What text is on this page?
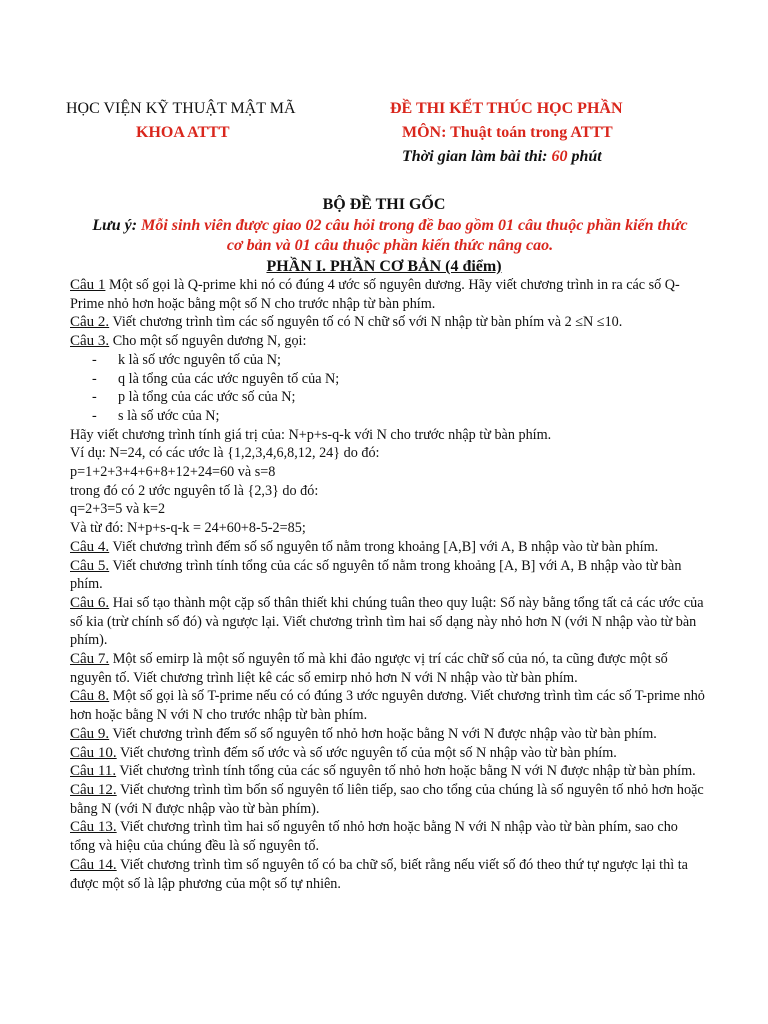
HỌC VIỆN KỸ THUẬT MẬT MÃ
KHOA ATTT
ĐỀ THI KẾT THÚC HỌC PHẦN
MÔN: Thuật toán trong ATTT
Thời gian làm bài thi: 60 phút
BỘ ĐỀ THI GỐC
Lưu ý: Mỗi sinh viên được giao 02 câu hỏi trong đề bao gồm 01 câu thuộc phần kiến thức cơ bản và 01 câu thuộc phần kiến thức nâng cao.
PHẦN I. PHẦN CƠ BẢN (4 điểm)

Câu 1 Một số gọi là Q-prime khi nó có đúng 4 ước số nguyên dương. Hãy viết chương trình in ra các số Q-Prime nhỏ hơn hoặc bằng một số N cho trước nhập từ bàn phím.

Câu 2. Viết chương trình tìm các số nguyên tố có N chữ số với N nhập từ bàn phím và 2 ≤N ≤10.

Câu 3. Cho một số nguyên dương N, gọi:

- k là số ước nguyên tố của N;
- q là tổng của các ước nguyên tố của N;
- p là tổng của các ước số của N;
- s là số ước của N;

Hãy viết chương trình tính giá trị của: N+p+s-q-k với N cho trước nhập từ bàn phím.

Ví dụ: N=24, có các ước là {1,2,3,4,6,8,12, 24} do đó:

p=1+2+3+4+6+8+12+24=60 và s=8

trong đó có 2 ước nguyên tố là {2,3} do đó:

q=2+3=5 và k=2

Và từ đó: N+p+s-q-k = 24+60+8-5-2=85;

Câu 4. Viết chương trình đếm số số nguyên tố nằm trong khoảng [A,B] với A, B nhập vào từ bàn phím.

Câu 5. Viết chương trình tính tổng của các số nguyên tố nằm trong khoảng [A, B] với A, B nhập vào từ bàn phím.

Câu 6. Hai số tạo thành một cặp số thân thiết khi chúng tuân theo quy luật: Số này bằng tổng tất cả các ước của số kia (trừ chính số đó) và ngược lại. Viết chương trình tìm hai số dạng này nhỏ hơn N (với N nhập vào từ bàn phím).

Câu 7. Một số emirp là một số nguyên tố mà khi đảo ngược vị trí các chữ số của nó, ta cũng được một số nguyên tố. Viết chương trình liệt kê các số emirp nhỏ hơn N với N nhập vào từ bàn phím.

Câu 8. Một số gọi là số T-prime nếu có có đúng 3 ước nguyên dương. Viết chương trình tìm các số T-prime nhỏ hơn hoặc bằng N với N cho trước nhập từ bàn phím.

Câu 9. Viết chương trình đếm số số nguyên tố nhỏ hơn hoặc bằng N với N được nhập vào từ bàn phím.

Câu 10. Viết chương trình đếm số ước và số ước nguyên tố của một số N nhập vào từ bàn phím.

Câu 11. Viết chương trình tính tổng của các số nguyên tố nhỏ hơn hoặc bằng N với N được nhập từ bàn phím.

Câu 12. Viết chương trình tìm bốn số nguyên tố liên tiếp, sao cho tổng của chúng là số nguyên tố nhỏ hơn hoặc bằng N (với N được nhập vào từ bàn phím).

Câu 13. Viết chương trình tìm hai số nguyên tố nhỏ hơn hoặc bằng N với N nhập vào từ bàn phím, sao cho tổng và hiệu của chúng đều là số nguyên tố.

Câu 14. Viết chương trình tìm số nguyên tố có ba chữ số, biết rằng nếu viết số đó theo thứ tự ngược lại thì ta được một số là lập phương của một số tự nhiên.
